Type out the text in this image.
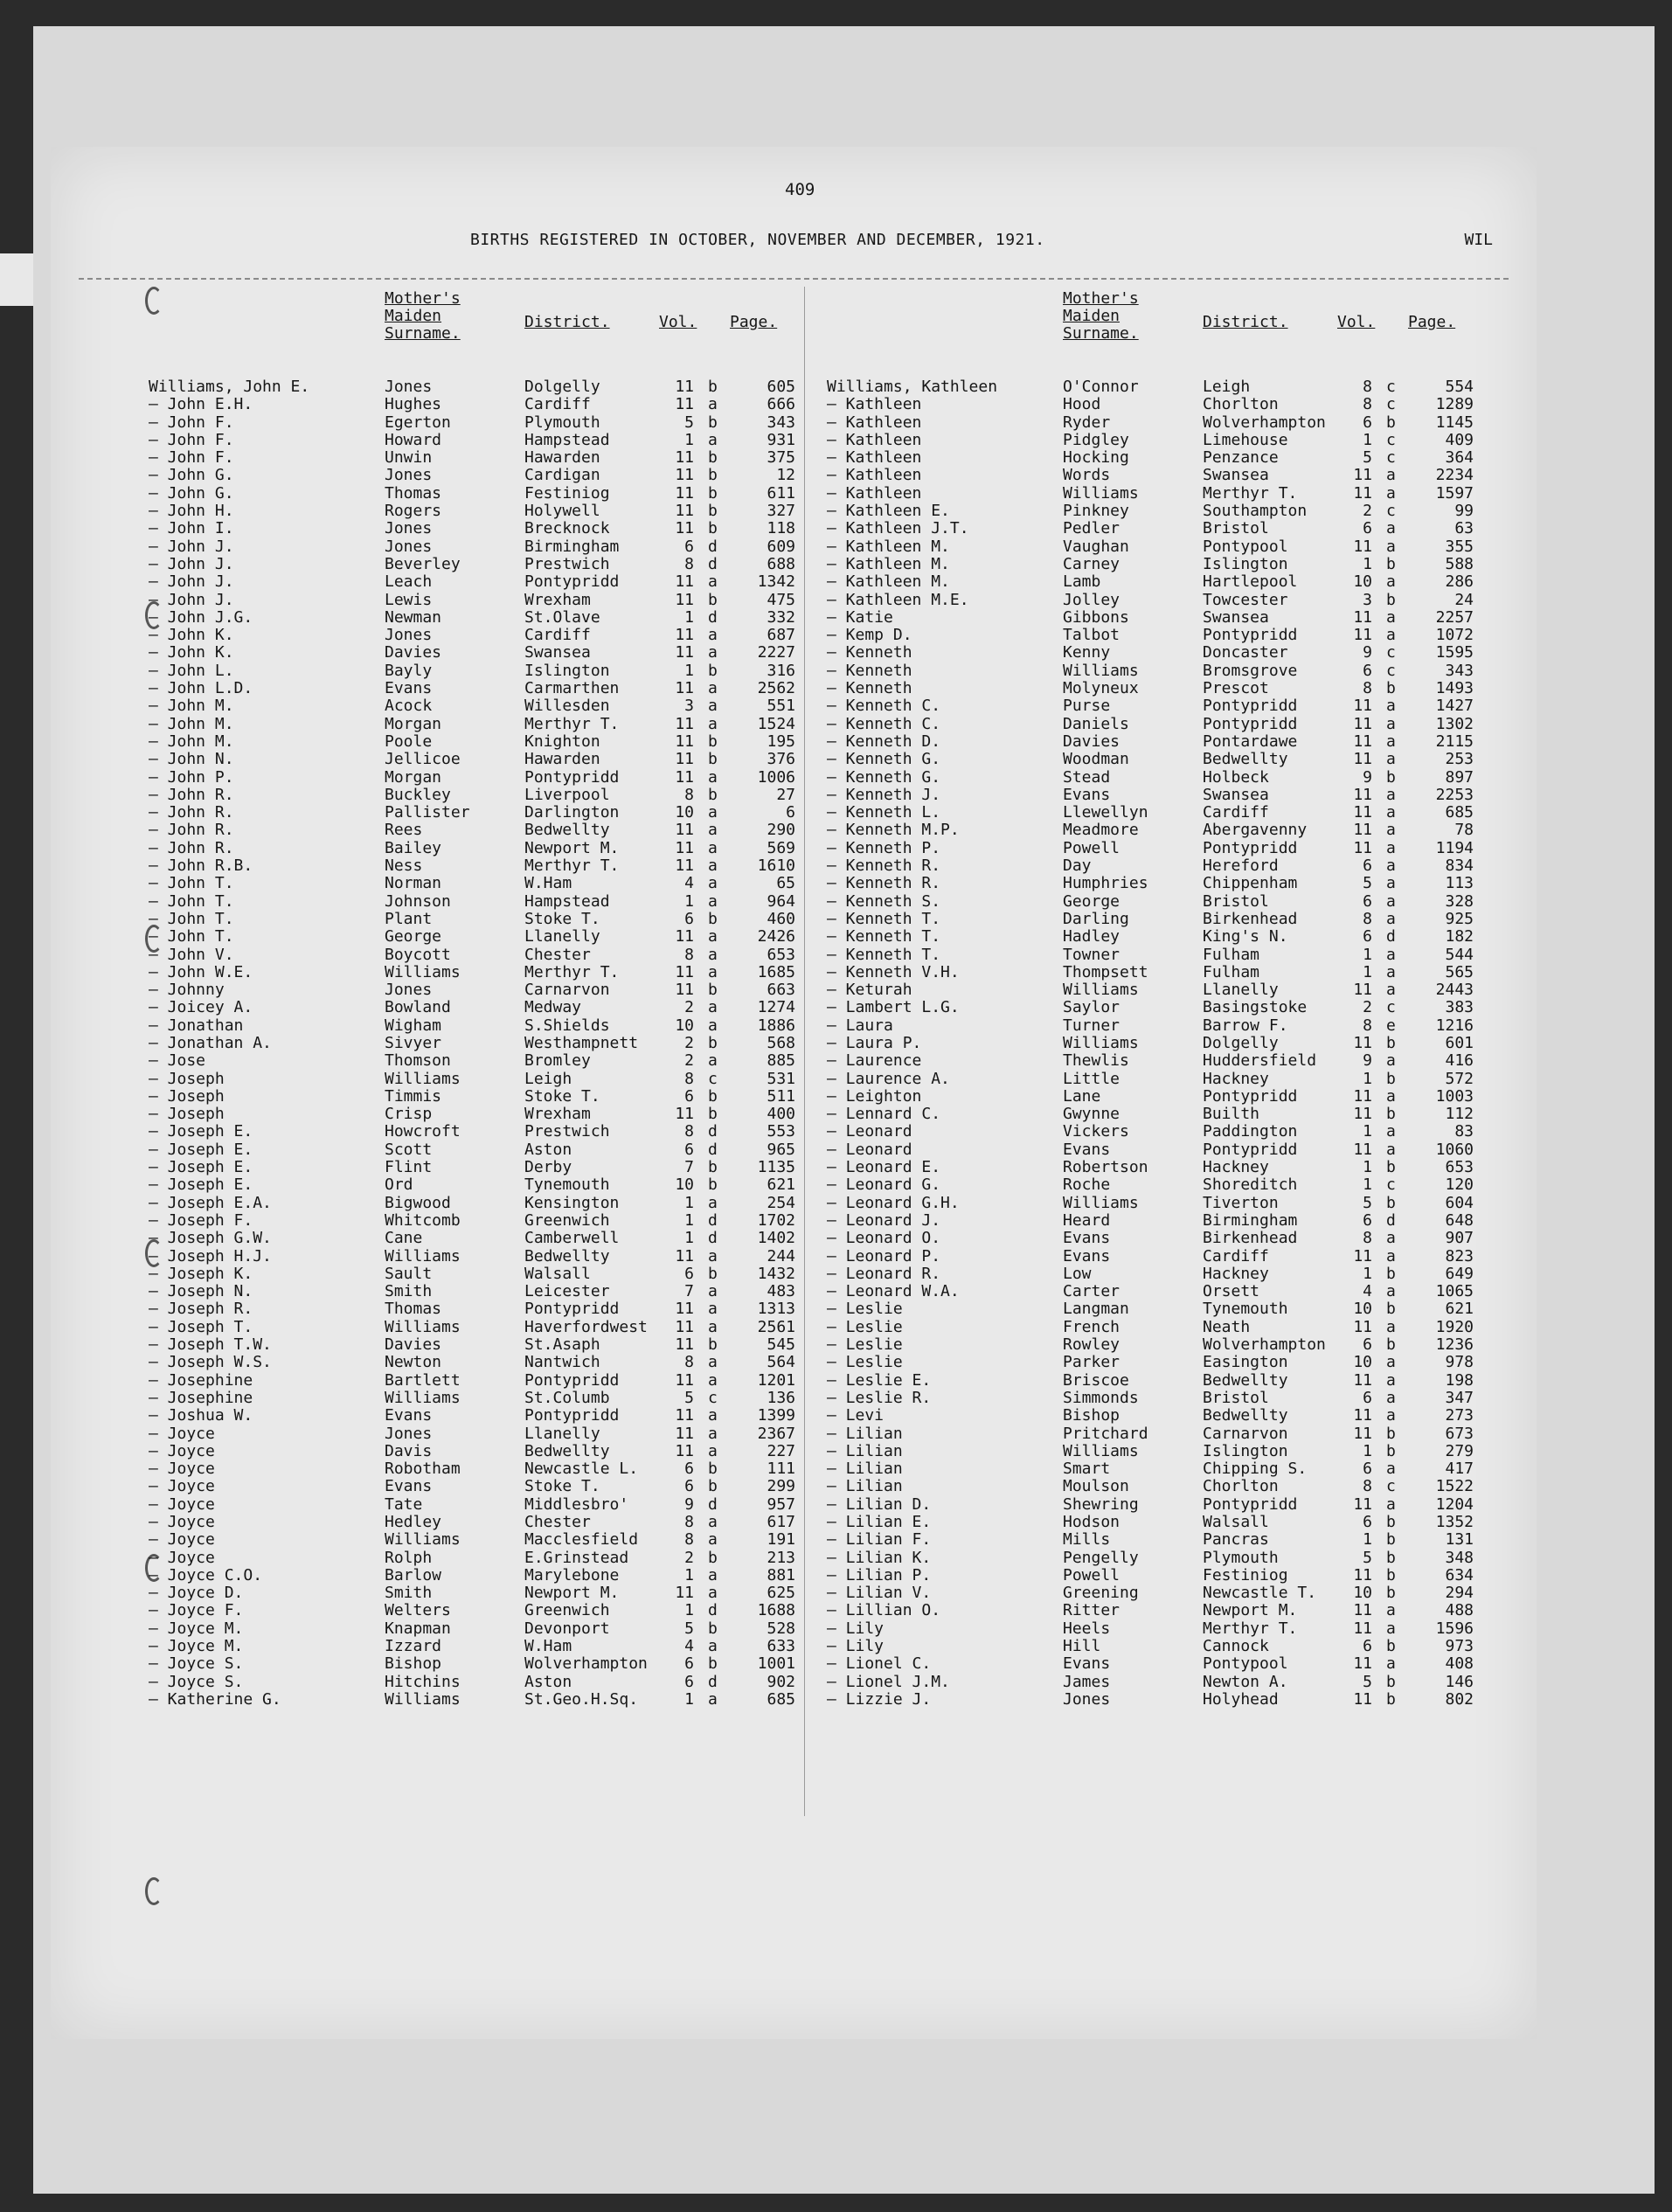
409
BIRTHS REGISTERED IN OCTOBER, NOVEMBER AND DECEMBER, 1921.	WIL
Mother's
Maiden
Surname.
District.	Vol. Page.
Williams, John E.	Jones	Dolgelly	11 b	605
— John E.H.	Hughes	Cardiff	11 a	666
— John F.	Egerton	Plymouth	5 b	343
— John F.	Howard	Hampstead	1 a	931
— John F.	Unwin	Hawarden	11 b	375
— John G.	Jones	Cardigan	11 b	12
— John G.	Thomas	Festiniog	11 b	611
— John H.	Rogers	Holywell	11 b	327
— John I.	Jones	Brecknock	11 b	118
— John J.	Jones	Birmingham	6 d	609
— John J.	Beverley	Prestwich	8 d	688
— John J.	Leach	Pontypridd	11 a	1342
— John J.	Lewis	Wrexham	11 b	475
— John J.G.	Newman	St.Olave	1 d	332
— John K.	Jones	Cardiff	11 a	687
— John K.	Davies	Swansea	11 a	2227
— John L.	Bayly	Islington	1 b	316
— John L.D.	Evans	Carmarthen	11 a	2562
— John M.	Acock	Willesden	3 a	551
— John M.	Morgan	Merthyr T.	11 a	1524
— John M.	Poole	Knighton	11 b	195
— John N.	Jellicoe	Hawarden	11 b	376
— John P.	Morgan	Pontypridd	11 a	1006
— John R.	Buckley	Liverpool	8 b	27
— John R.	Pallister	Darlington	10 a	6
— John R.	Rees	Bedwellty	11 a	290
— John R.	Bailey	Newport M.	11 a	569
— John R.B.	Ness	Merthyr T.	11 a	1610
— John T.	Norman	W.Ham	4 a	65
— John T.	Johnson	Hampstead	1 a	964
— John T.	Plant	Stoke T.	6 b	460
— John T.	George	Llanelly	11 a	2426
— John V.	Boycott	Chester	8 a	653
— John W.E.	Williams	Merthyr T.	11 a	1685
— Johnny	Jones	Carnarvon	11 b	663
— Joicey A.	Bowland	Medway	2 a	1274
— Jonathan	Wigham	S.Shields	10 a	1886
— Jonathan A.	Sivyer	Westhampnett	2 b	568
— Jose	Thomson	Bromley	2 a	885
— Joseph	Williams	Leigh	8 c	531
— Joseph	Timmis	Stoke T.	6 b	511
— Joseph	Crisp	Wrexham	11 b	400
— Joseph E.	Howcroft	Prestwich	8 d	553
— Joseph E.	Scott	Aston	6 d	965
— Joseph E.	Flint	Derby	7 b	1135
— Joseph E.	Ord	Tynemouth	10 b	621
— Joseph E.A.	Bigwood	Kensington	1 a	254
— Joseph F.	Whitcomb	Greenwich	1 d	1702
— Joseph G.W.	Cane	Camberwell	1 d	1402
— Joseph H.J.	Williams	Bedwellty	11 a	244
— Joseph K.	Sault	Walsall	6 b	1432
— Joseph N.	Smith	Leicester	7 a	483
— Joseph R.	Thomas	Pontypridd	11 a	1313
— Joseph T.	Williams	Haverfordwest	11 a	2561
— Joseph T.W.	Davies	St.Asaph	11 b	545
— Joseph W.S.	Newton	Nantwich	8 a	564
— Josephine	Bartlett	Pontypridd	11 a	1201
— Josephine	Williams	St.Columb	5 c	136
— Joshua W.	Evans	Pontypridd	11 a	1399
— Joyce	Jones	Llanelly	11 a	2367
— Joyce	Davis	Bedwellty	11 a	227
— Joyce	Robotham	Newcastle L.	6 b	111
— Joyce	Evans	Stoke T.	6 b	299
— Joyce	Tate	Middlesbro'	9 d	957
— Joyce	Hedley	Chester	8 a	617
— Joyce	Williams	Macclesfield	8 a	191
— Joyce	Rolph	E.Grinstead	2 b	213
— Joyce C.O.	Barlow	Marylebone	1 a	881
— Joyce D.	Smith	Newport M.	11 a	625
— Joyce F.	Welters	Greenwich	1 d	1688
— Joyce M.	Knapman	Devonport	5 b	528
— Joyce M.	Izzard	W.Ham	4 a	633
— Joyce S.	Bishop	Wolverhampton	6 b	1001
— Joyce S.	Hitchins	Aston	6 d	902
— Katherine G.	Williams	St.Geo.H.Sq.	1 a	685
Mother's
Maiden
Surname.
District.	Vol. Page.
Williams, Kathleen	O'Connor	Leigh	8 c	554
— Kathleen	Hood	Chorlton	8 c	1289
— Kathleen	Ryder	Wolverhampton	6 b	1145
— Kathleen	Pidgley	Limehouse	1 c	409
— Kathleen	Hocking	Penzance	5 c	364
— Kathleen	Words	Swansea	11 a	2234
— Kathleen	Williams	Merthyr T.	11 a	1597
— Kathleen E.	Pinkney	Southampton	2 c	99
— Kathleen J.T.	Pedler	Bristol	6 a	63
— Kathleen M.	Vaughan	Pontypool	11 a	355
— Kathleen M.	Carney	Islington	1 b	588
— Kathleen M.	Lamb	Hartlepool	10 a	286
— Kathleen M.E.	Jolley	Towcester	3 b	24
— Katie	Gibbons	Swansea	11 a	2257
— Kemp D.	Talbot	Pontypridd	11 a	1072
— Kenneth	Kenny	Doncaster	9 c	1595
— Kenneth	Williams	Bromsgrove	6 c	343
— Kenneth	Molyneux	Prescot	8 b	1493
— Kenneth C.	Purse	Pontypridd	11 a	1427
— Kenneth C.	Daniels	Pontypridd	11 a	1302
— Kenneth D.	Davies	Pontardawe	11 a	2115
— Kenneth G.	Woodman	Bedwellty	11 a	253
— Kenneth G.	Stead	Holbeck	9 b	897
— Kenneth J.	Evans	Swansea	11 a	2253
— Kenneth L.	Llewellyn	Cardiff	11 a	685
— Kenneth M.P.	Meadmore	Abergavenny	11 a	78
— Kenneth P.	Powell	Pontypridd	11 a	1194
— Kenneth R.	Day	Hereford	6 a	834
— Kenneth R.	Humphries	Chippenham	5 a	113
— Kenneth S.	George	Bristol	6 a	328
— Kenneth T.	Darling	Birkenhead	8 a	925
— Kenneth T.	Hadley	King's N.	6 d	182
— Kenneth T.	Towner	Fulham	1 a	544
— Kenneth V.H.	Thompsett	Fulham	1 a	565
— Keturah	Williams	Llanelly	11 a	2443
— Lambert L.G.	Saylor	Basingstoke	2 c	383
— Laura	Turner	Barrow F.	8 e	1216
— Laura P.	Williams	Dolgelly	11 b	601
— Laurence	Thewlis	Huddersfield	9 a	416
— Laurence A.	Little	Hackney	1 b	572
— Leighton	Lane	Pontypridd	11 a	1003
— Lennard C.	Gwynne	Builth	11 b	112
— Leonard	Vickers	Paddington	1 a	83
— Leonard	Evans	Pontypridd	11 a	1060
— Leonard E.	Robertson	Hackney	1 b	653
— Leonard G.	Roche	Shoreditch	1 c	120
— Leonard G.H.	Williams	Tiverton	5 b	604
— Leonard J.	Heard	Birmingham	6 d	648
— Leonard O.	Evans	Birkenhead	8 a	907
— Leonard P.	Evans	Cardiff	11 a	823
— Leonard R.	Low	Hackney	1 b	649
— Leonard W.A.	Carter	Orsett	4 a	1065
— Leslie	Langman	Tynemouth	10 b	621
— Leslie	French	Neath	11 a	1920
— Leslie	Rowley	Wolverhampton	6 b	1236
— Leslie	Parker	Easington	10 a	978
— Leslie E.	Briscoe	Bedwellty	11 a	198
— Leslie R.	Simmonds	Bristol	6 a	347
— Levi	Bishop	Bedwellty	11 a	273
— Lilian	Pritchard	Carnarvon	11 b	673
— Lilian	Williams	Islington	1 b	279
— Lilian	Smart	Chipping S.	6 a	417
— Lilian	Moulson	Chorlton	8 c	1522
— Lilian D.	Shewring	Pontypridd	11 a	1204
— Lilian E.	Hodson	Walsall	6 b	1352
— Lilian F.	Mills	Pancras	1 b	131
— Lilian K.	Pengelly	Plymouth	5 b	348
— Lilian P.	Powell	Festiniog	11 b	634
— Lilian V.	Greening	Newcastle T.	10 b	294
— Lillian O.	Ritter	Newport M.	11 a	488
— Lily	Heels	Merthyr T.	11 a	1596
— Lily	Hill	Cannock	6 b	973
— Lionel C.	Evans	Pontypool	11 a	408
— Lionel J.M.	James	Newton A.	5 b	146
— Lizzie J.	Jones	Holyhead	11 b	802
